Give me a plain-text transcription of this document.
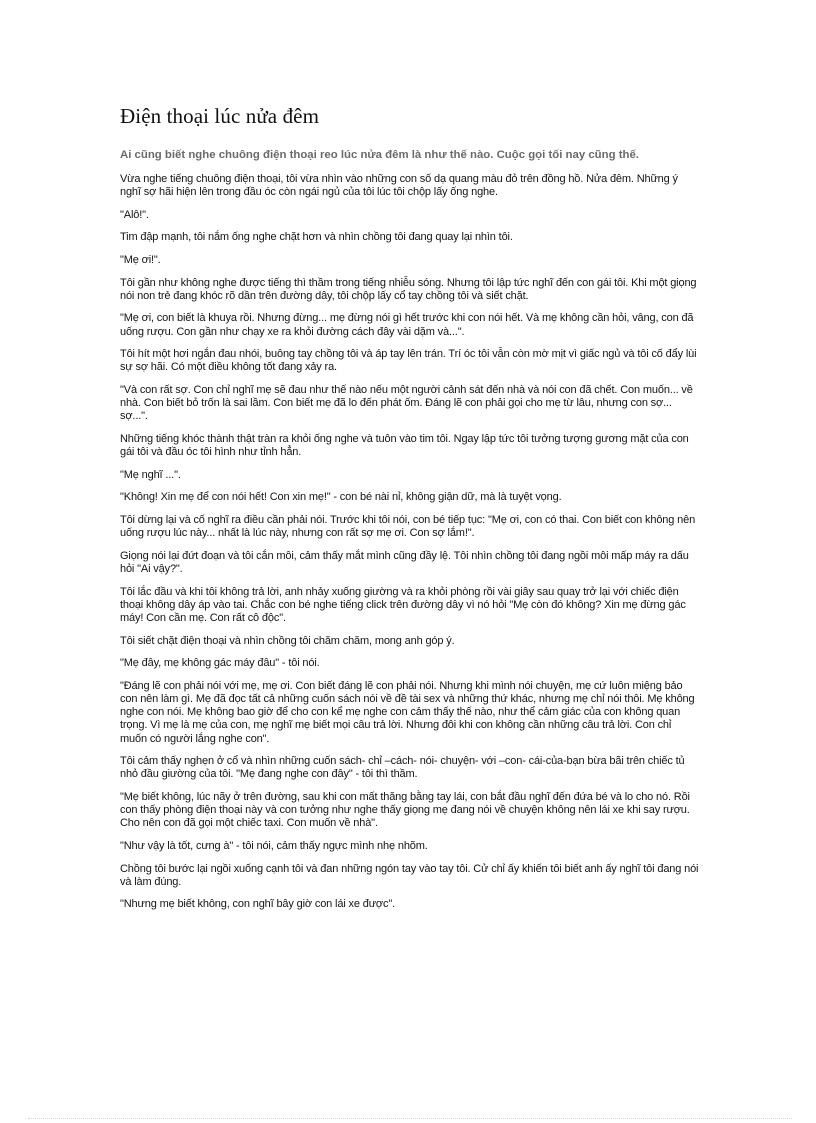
Điện thoại lúc nửa đêm

Ai cũng biết nghe chuông điện thoại reo lúc nửa đêm là như thế nào. Cuộc gọi tối nay cũng thế.

Vừa nghe tiếng chuông điện thoại, tôi vừa nhìn vào những con số dạ quang màu đỏ trên đồng hồ. Nửa đêm. Những ý nghĩ sợ hãi hiện lên trong đầu óc còn ngái ngủ của tôi lúc tôi chộp lấy ống nghe.

"Alô!".

Tim đập mạnh, tôi nắm ống nghe chặt hơn và nhìn chồng tôi đang quay lại nhìn tôi.

"Mẹ ơi!".

Tôi gần như không nghe được tiếng thì thầm trong tiếng nhiễu sóng. Nhưng tôi lập tức nghĩ đến con gái tôi. Khi một giọng nói non trẻ đang khóc rõ dần trên đường dây, tôi chộp lấy cổ tay chồng tôi và siết chặt.

"Mẹ ơi, con biết là khuya rồi. Nhưng đừng... mẹ đừng nói gì hết trước khi con nói hết. Và mẹ không cần hỏi, vâng, con đã uống rượu. Con gần như chạy xe ra khỏi đường cách đây vài dặm và...".

Tôi hít một hơi ngắn đau nhói, buông tay chồng tôi và áp tay lên trán. Trí óc tôi vẫn còn mờ mịt vì giấc ngủ và tôi cố đẩy lùi sự sợ hãi. Có một điều không tốt đang xảy ra.

"Và con rất sợ. Con chỉ nghĩ mẹ sẽ đau như thế nào nếu một người cảnh sát đến nhà và nói con đã chết. Con muốn... về nhà. Con biết bỏ trốn là sai lầm. Con biết mẹ đã lo đến phát ốm. Đáng lẽ con phải gọi cho mẹ từ lâu, nhưng con sợ... sợ...".

Những tiếng khóc thành thật tràn ra khỏi ống nghe và tuôn vào tim tôi. Ngay lập tức tôi tưởng tượng gương mặt của con gái tôi và đầu óc tôi hình như tỉnh hẳn.

"Mẹ nghĩ ...".

"Không! Xin mẹ để con nói hết! Con xin mẹ!" - con bé nài nỉ, không giận dữ, mà là tuyệt vọng.

Tôi dừng lại và cố nghĩ ra điều cần phải nói. Trước khi tôi nói, con bé tiếp tục: "Mẹ ơi, con có thai. Con biết con không nên uống rượu lúc này... nhất là lúc này, nhưng con rất sợ mẹ ơi. Con sợ lắm!".

Giọng nói lại đứt đoạn và tôi cắn môi, cảm thấy mắt mình cũng đầy lệ. Tôi nhìn chồng tôi đang ngồi môi mấp máy ra dấu hỏi "Ai vậy?".

Tôi lắc đầu và khi tôi không trả lời, anh nhảy xuống giường và ra khỏi phòng rồi vài giây sau quay trở lại với chiếc điện thoại không dây áp vào tai. Chắc con bé nghe tiếng click trên đường dây vì nó hỏi "Mẹ còn đó không? Xin mẹ đừng gác máy! Con cần mẹ. Con rất cô độc".

Tôi siết chặt điện thoại và nhìn chồng tôi chăm chăm, mong anh góp ý.

"Mẹ đây, mẹ không gác máy đâu" - tôi nói.

"Đáng lẽ con phải nói với mẹ, mẹ ơi. Con biết đáng lẽ con phải nói. Nhưng khi mình nói chuyện, mẹ cứ luôn miệng bảo con nên làm gì. Mẹ đã đọc tất cả những cuốn sách nói về đề tài sex và những thứ khác, nhưng mẹ chỉ nói thôi. Mẹ không nghe con nói. Mẹ không bao giờ để cho con kể mẹ nghe con cảm thấy thế nào, như thể cảm giác của con không quan trọng. Vì mẹ là mẹ của con, mẹ nghĩ mẹ biết mọi câu trả lời. Nhưng đôi khi con không cần những câu trả lời. Con chỉ muốn có người lắng nghe con".

Tôi cảm thấy nghẹn ở cổ và nhìn những cuốn sách- chỉ –cách- nói- chuyện- với –con- cái-của-bạn bừa bãi trên chiếc tủ nhỏ đầu giường của tôi. "Mẹ đang nghe con đây" - tôi thì thầm.

"Mẹ biết không, lúc nãy ở trên đường, sau khi con mất thăng bằng tay lái, con bắt đầu nghĩ đến đứa bé và lo cho nó. Rồi con thấy phòng điện thoại này và con tưởng như nghe thấy giọng mẹ đang nói về chuyện không nên lái xe khi say rượu. Cho nên con đã gọi một chiếc taxi. Con muốn về nhà".

"Như vậy là tốt, cưng à" - tôi nói, cảm thấy ngực mình nhẹ nhõm.

Chồng tôi bước lại ngồi xuống cạnh tôi và đan những ngón tay vào tay tôi. Cử chỉ ấy khiến tôi biết anh ấy nghĩ tôi đang nói và làm đúng.

"Nhưng mẹ biết không, con nghĩ bây giờ con lái xe được".
